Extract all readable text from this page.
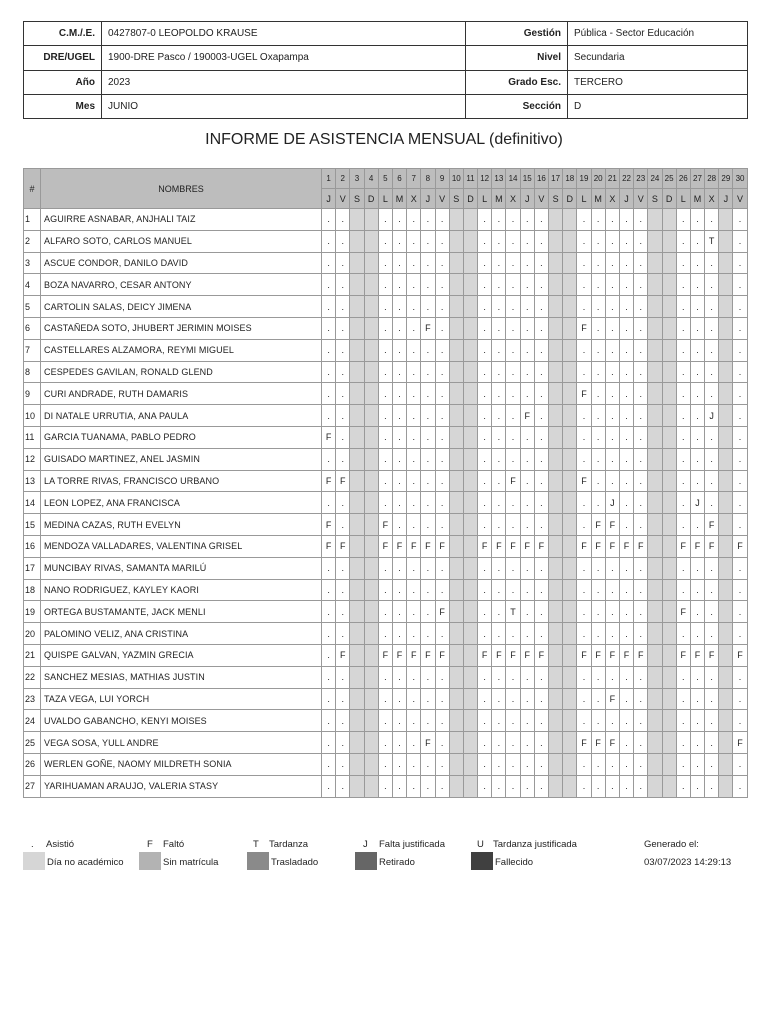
C.M./.E.	0427807-0 LEOPOLDO KRAUSE	Gestión	Pública - Sector Educación
DRE/UGEL	1900-DRE Pasco / 190003-UGEL Oxapampa	Nivel	Secundaria
Año	2023	Grado Esc.	TERCERO
Mes	JUNIO	Sección	D
INFORME DE ASISTENCIA MENSUAL (definitivo)
#	NOMBRES	1	2	3	4	5	6	7	8	9	10	11	12	13	14	15	16	17	18	19	20	21	22	23	24	25	26	27	28	29	30
		J	V	S	D	L	M	X	J	V	S	D	L	M	X	J	V	S	D	L	M	X	J	V	S	D	L	M	X	J	V
1	AGUIRRE ASNABAR, ANJHALI TAIZ	.	.			.	.	.	.	.			.	.	.	.	.			.	.	.	.	.			.	.	.		.
2	ALFARO SOTO, CARLOS MANUEL	.	.			.	.	.	.	.			.	.	.	.	.			.	.	.	.	.			.	.	T		.
3	ASCUE CONDOR, DANILO DAVID	.	.			.	.	.	.	.			.	.	.	.	.			.	.	.	.	.			.	.	.		.
4	BOZA NAVARRO, CESAR ANTONY	.	.			.	.	.	.	.			.	.	.	.	.			.	.	.	.	.			.	.	.		.
5	CARTOLIN SALAS, DEICY JIMENA	.	.			.	.	.	.	.			.	.	.	.	.			.	.	.	.	.			.	.	.		.
6	CASTAÑEDA SOTO, JHUBERT JERIMIN MOISES	.	.			.	.	.	F	.			.	.	.	.	.			F	.	.	.	.			.	.	.		.
7	CASTELLARES ALZAMORA, REYMI MIGUEL	.	.			.	.	.	.	.			.	.	.	.	.			.	.	.	.	.			.	.	.		.
8	CESPEDES GAVILAN, RONALD GLEND	.	.			.	.	.	.	.			.	.	.	.	.			.	.	.	.	.			.	.	.		.
9	CURI ANDRADE, RUTH DAMARIS	.	.			.	.	.	.	.			.	.	.	.	.			F	.	.	.	.			.	.	.		.
10	DI NATALE URRUTIA, ANA PAULA	.	.			.	.	.	.	.			.	.	.	F	.			.	.	.	.	.			.	.	J		.
11	GARCIA TUANAMA, PABLO PEDRO	F	.			.	.	.	.	.			.	.	.	.	.			.	.	.	.	.			.	.	.		.
12	GUISADO MARTINEZ, ANEL JASMIN	.	.			.	.	.	.	.			.	.	.	.	.			.	.	.	.	.			.	.	.		.
13	LA TORRE RIVAS, FRANCISCO URBANO	F	F			.	.	.	.	.			.	.	F	.	.			F	.	.	.	.			.	.	.		.
14	LEON LOPEZ, ANA FRANCISCA	.	.			.	.	.	.	.			.	.	.	.	.			.	.	J	.	.			.	J	.		.
15	MEDINA CAZAS, RUTH EVELYN	F	.			F	.	.	.	.			.	.	.	.	.			.	F	F	.	.			.	.	F		.
16	MENDOZA VALLADARES, VALENTINA GRISEL	F	F			F	F	F	F	F			F	F	F	F	F			F	F	F	F	F			F	F	F		F
17	MUNCIBAY RIVAS, SAMANTA MARILÚ	.	.			.	.	.	.	.			.	.	.	.	.			.	.	.	.	.			.	.	.		.
18	NANO RODRIGUEZ, KAYLEY KAORI	.	.			.	.	.	.	.			.	.	.	.	.			.	.	.	.	.			.	.	.		.
19	ORTEGA BUSTAMANTE, JACK MENLI	.	.			.	.	.	.	F			.	.	T	.	.			.	.	.	.	.			F	.	.		.
20	PALOMINO VELIZ, ANA CRISTINA	.	.			.	.	.	.	.			.	.	.	.	.			.	.	.	.	.			.	.	.		.
21	QUISPE GALVAN, YAZMIN GRECIA	.	F			F	F	F	F	F			F	F	F	F	F			F	F	F	F	F			F	F	F		F
22	SANCHEZ MESIAS, MATHIAS JUSTIN	.	.			.	.	.	.	.			.	.	.	.	.			.	.	.	.	.			.	.	.		.
23	TAZA VEGA, LUI YORCH	.	.			.	.	.	.	.			.	.	.	.	.			.	.	F	.	.			.	.	.		.
24	UVALDO GABANCHO, KENYI MOISES	.	.			.	.	.	.	.			.	.	.	.	.			.	.	.	.	.			.	.	.		.
25	VEGA SOSA, YULL ANDRE	.	.			.	.	.	F	.			.	.	.	.	.			F	F	F	.	.			.	.	.		F
26	WERLEN GOÑE, NAOMY MILDRETH SONIA	.	.			.	.	.	.	.			.	.	.	.	.			.	.	.	.	.			.	.	.		.
27	YARIHUAMAN ARAUJO, VALERIA STASY	.	.			.	.	.	.	.			.	.	.	.	.			.	.	.	.	.			.	.	.		.
. Asistió	F Faltó	T Tardanza	J Falta justificada	U Tardanza justificada
Día no académico	Sin matrícula	Trasladado	Retirado	Fallecido
Generado el:
03/07/2023 14:29:13
